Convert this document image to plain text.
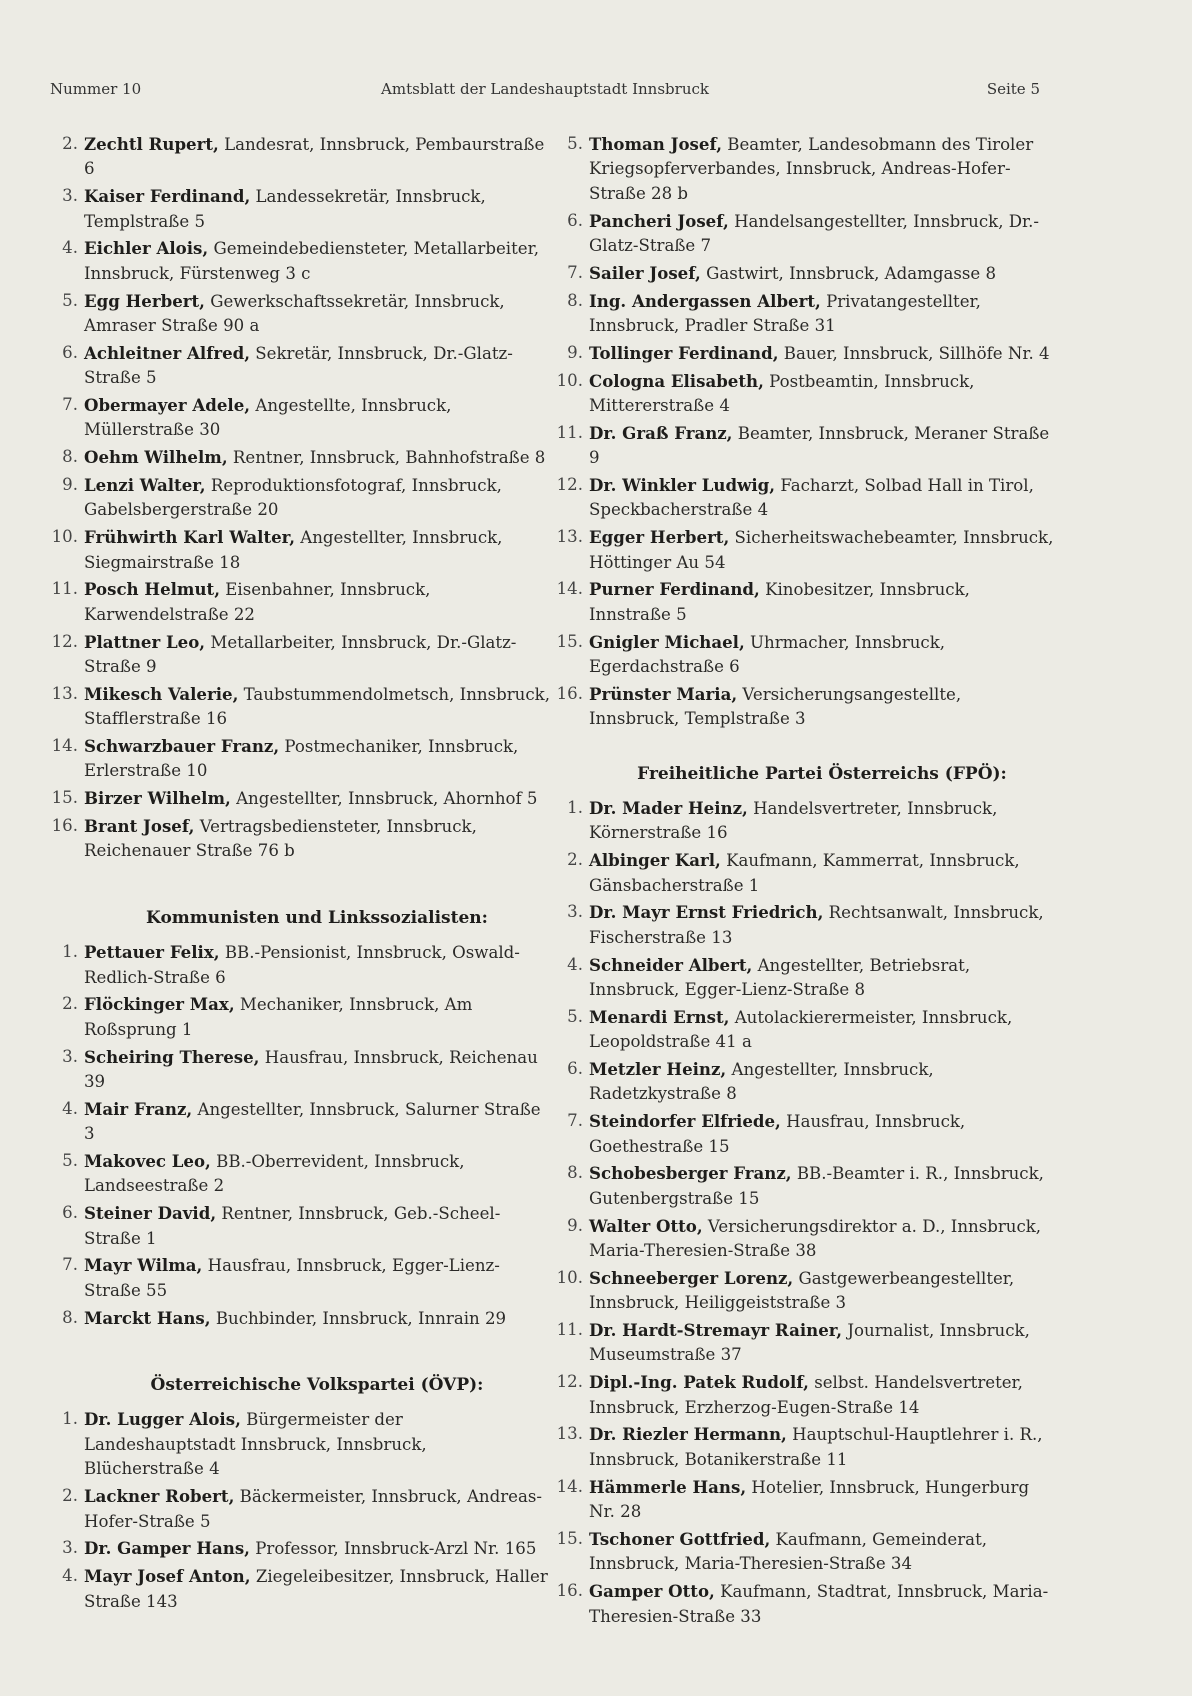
Nummer 10	Amtsblatt der Landeshauptstadt Innsbruck	Seite 5
2. Zechtl Rupert, Landesrat, Innsbruck, Pembaurstraße 6
3. Kaiser Ferdinand, Landessekretär, Innsbruck, Templstraße 5
4. Eichler Alois, Gemeindebediensteter, Metallarbeiter, Innsbruck, Fürstenweg 3 c
5. Egg Herbert, Gewerkschaftssekretär, Innsbruck, Amraser Straße 90 a
6. Achleitner Alfred, Sekretär, Innsbruck, Dr.-Glatz-Straße 5
7. Obermayer Adele, Angestellte, Innsbruck, Müllerstraße 30
8. Oehm Wilhelm, Rentner, Innsbruck, Bahnhofstraße 8
9. Lenzi Walter, Reproduktionsfotograf, Innsbruck, Gabelsbergerstraße 20
10. Frühwirth Karl Walter, Angestellter, Innsbruck, Siegmairstraße 18
11. Posch Helmut, Eisenbahner, Innsbruck, Karwendelstraße 22
12. Plattner Leo, Metallarbeiter, Innsbruck, Dr.-Glatz-Straße 9
13. Mikesch Valerie, Taubstummendolmetsch, Innsbruck, Stafflerstraße 16
14. Schwarzbauer Franz, Postmechaniker, Innsbruck, Erlerstraße 10
15. Birzer Wilhelm, Angestellter, Innsbruck, Ahornhof 5
16. Brant Josef, Vertragsbediensteter, Innsbruck, Reichenauer Straße 76 b
Kommunisten und Linkssozialisten:
1. Pettauer Felix, BB.-Pensionist, Innsbruck, Oswald-Redlich-Straße 6
2. Flöckinger Max, Mechaniker, Innsbruck, Am Roßsprung 1
3. Scheiring Therese, Hausfrau, Innsbruck, Reichenau 39
4. Mair Franz, Angestellter, Innsbruck, Salurner Straße 3
5. Makovec Leo, BB.-Oberrevident, Innsbruck, Landseestraße 2
6. Steiner David, Rentner, Innsbruck, Geb.-Scheel-Straße 1
7. Mayr Wilma, Hausfrau, Innsbruck, Egger-Lienz-Straße 55
8. Marckt Hans, Buchbinder, Innsbruck, Innrain 29
Österreichische Volkspartei (ÖVP):
1. Dr. Lugger Alois, Bürgermeister der Landeshauptstadt Innsbruck, Innsbruck, Blücherstraße 4
2. Lackner Robert, Bäckermeister, Innsbruck, Andreas-Hofer-Straße 5
3. Dr. Gamper Hans, Professor, Innsbruck-Arzl Nr. 165
4. Mayr Josef Anton, Ziegeleibesitzer, Innsbruck, Haller Straße 143
5. Thoman Josef, Beamter, Landesobmann des Tiroler Kriegsopferverbandes, Innsbruck, Andreas-Hofer-Straße 28 b
6. Pancheri Josef, Handelsangestellter, Innsbruck, Dr.-Glatz-Straße 7
7. Sailer Josef, Gastwirt, Innsbruck, Adamgasse 8
8. Ing. Andergassen Albert, Privatangestellter, Innsbruck, Pradler Straße 31
9. Tollinger Ferdinand, Bauer, Innsbruck, Sillhöfe Nr. 4
10. Cologna Elisabeth, Postbeamtin, Innsbruck, Mittererstraße 4
11. Dr. Graß Franz, Beamter, Innsbruck, Meraner Straße 9
12. Dr. Winkler Ludwig, Facharzt, Solbad Hall in Tirol, Speckbacherstraße 4
13. Egger Herbert, Sicherheitswachebeamter, Innsbruck, Höttinger Au 54
14. Purner Ferdinand, Kinobesitzer, Innsbruck, Innstraße 5
15. Gnigler Michael, Uhrmacher, Innsbruck, Egerdachstraße 6
16. Prünster Maria, Versicherungsangestellte, Innsbruck, Templstraße 3
Freiheitliche Partei Österreichs (FPÖ):
1. Dr. Mader Heinz, Handelsvertreter, Innsbruck, Körnerstraße 16
2. Albinger Karl, Kaufmann, Kammerrat, Innsbruck, Gänsbacherstraße 1
3. Dr. Mayr Ernst Friedrich, Rechtsanwalt, Innsbruck, Fischerstraße 13
4. Schneider Albert, Angestellter, Betriebsrat, Innsbruck, Egger-Lienz-Straße 8
5. Menardi Ernst, Autolackierermeister, Innsbruck, Leopoldstraße 41 a
6. Metzler Heinz, Angestellter, Innsbruck, Radetzkystraße 8
7. Steindorfer Elfriede, Hausfrau, Innsbruck, Goethestraße 15
8. Schobesberger Franz, BB.-Beamter i. R., Innsbruck, Gutenbergstraße 15
9. Walter Otto, Versicherungsdirektor a. D., Innsbruck, Maria-Theresien-Straße 38
10. Schneeberger Lorenz, Gastgewerbeangestellter, Innsbruck, Heiliggeiststraße 3
11. Dr. Hardt-Stremayr Rainer, Journalist, Innsbruck, Museumstraße 37
12. Dipl.-Ing. Patek Rudolf, selbst. Handelsvertreter, Innsbruck, Erzherzog-Eugen-Straße 14
13. Dr. Riezler Hermann, Hauptschul-Hauptlehrer i. R., Innsbruck, Botanikerstraße 11
14. Hämmerle Hans, Hotelier, Innsbruck, Hungerburg Nr. 28
15. Tschoner Gottfried, Kaufmann, Gemeinderat, Innsbruck, Maria-Theresien-Straße 34
16. Gamper Otto, Kaufmann, Stadtrat, Innsbruck, Maria-Theresien-Straße 33
